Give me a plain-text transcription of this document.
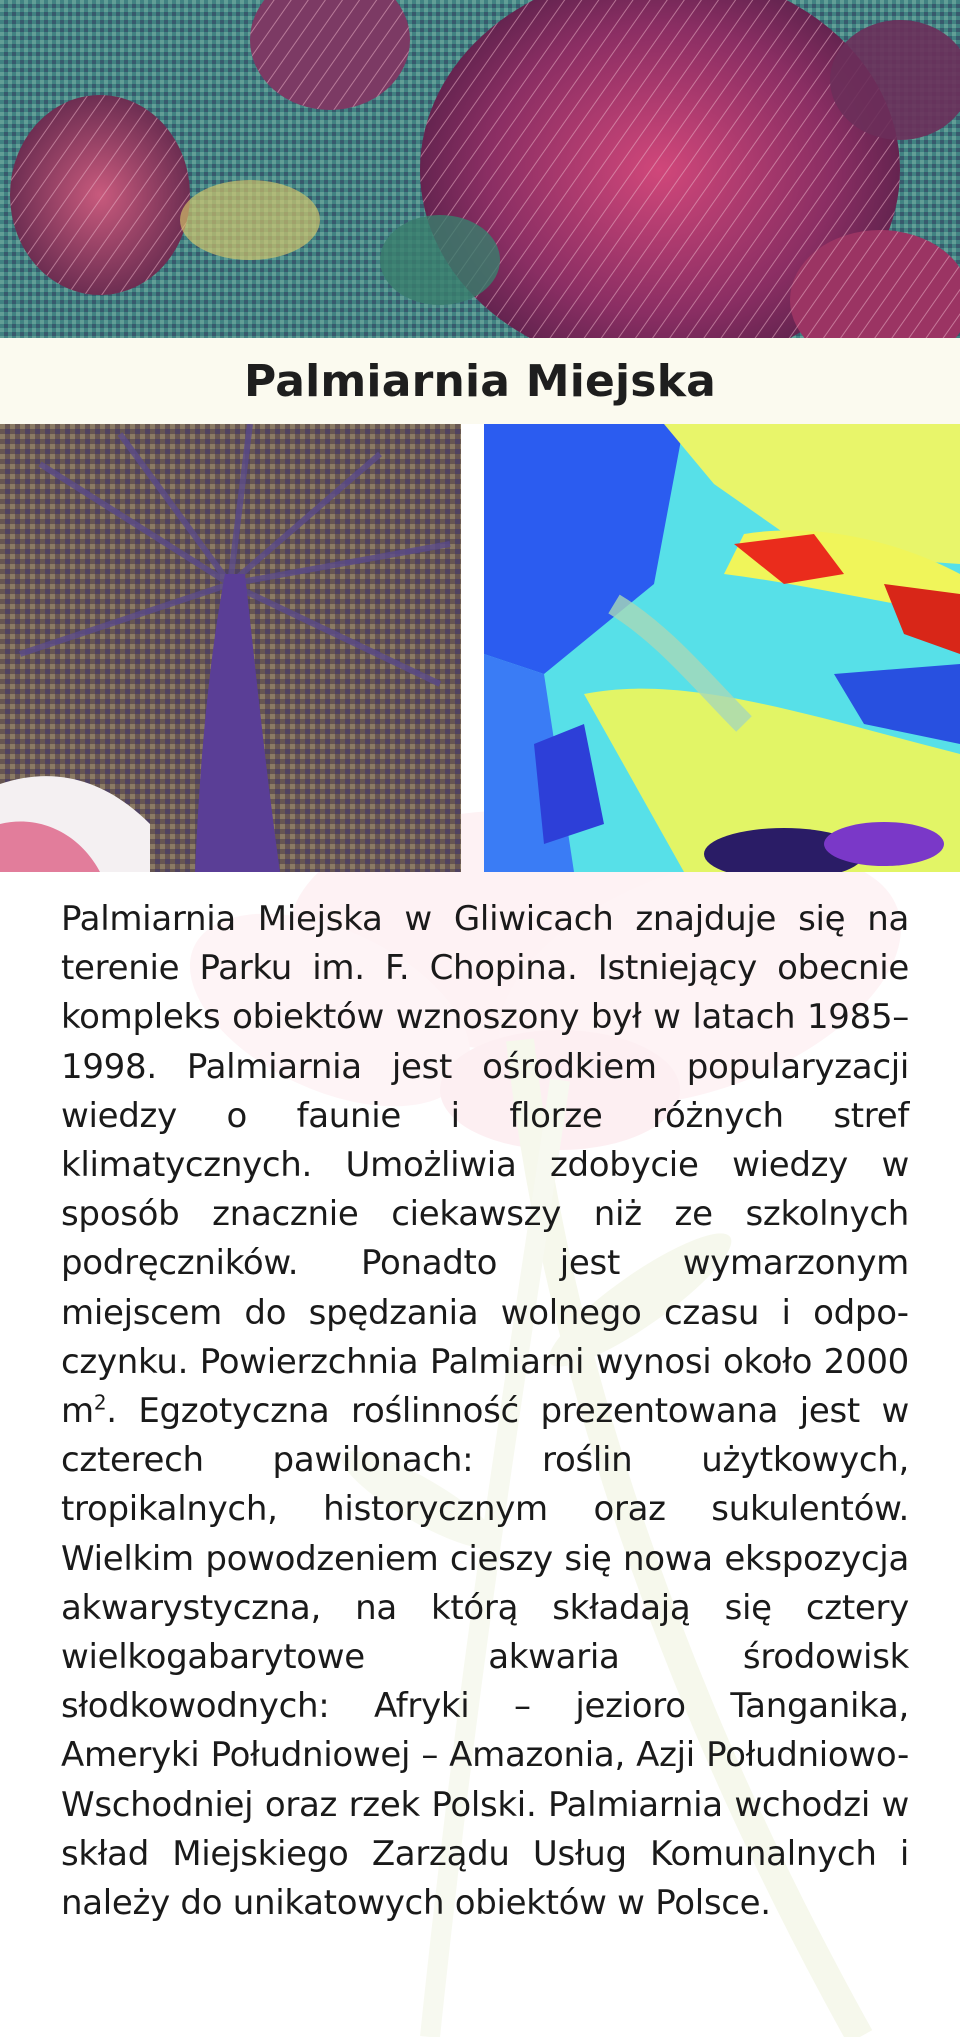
Palmiarnia Miejska

Palmiarnia Miejska w Gliwicach znajduje się na terenie Parku im. F. Chopina. Istniejący obecnie kompleks obiektów wznoszony był w latach 1985–1998. Palmiarnia jest ośrodkiem popularyzacji wiedzy o faunie i florze różnych stref klimatycznych. Umożliwia zdobycie wiedzy w sposób znacznie ciekawszy niż ze szkolnych podręczników. Ponadto jest wymarzonym miejscem do spędzania wolnego czasu i odpoczynku. Powierzchnia Palmiarni wynosi około 2000 $m^2$. Egzotyczna roślinność prezentowana jest w czterech pawilonach: roślin użytkowych, tropikalnych, historycznym oraz sukulentów. Wielkim powodzeniem cieszy się nowa ekspozycja akwarystyczna, na którą składają się cztery wielkogabarytowe akwaria środowisk słodkowodnych: Afryki – jezioro Tanganika, Ameryki Południowej – Amazonia, Azji Południowo-Wschodniej oraz rzek Polski. Palmiarnia wchodzi w skład Miejskiego Zarządu Usług Komunalnych i należy do unikatowych obiektów w Polsce.
